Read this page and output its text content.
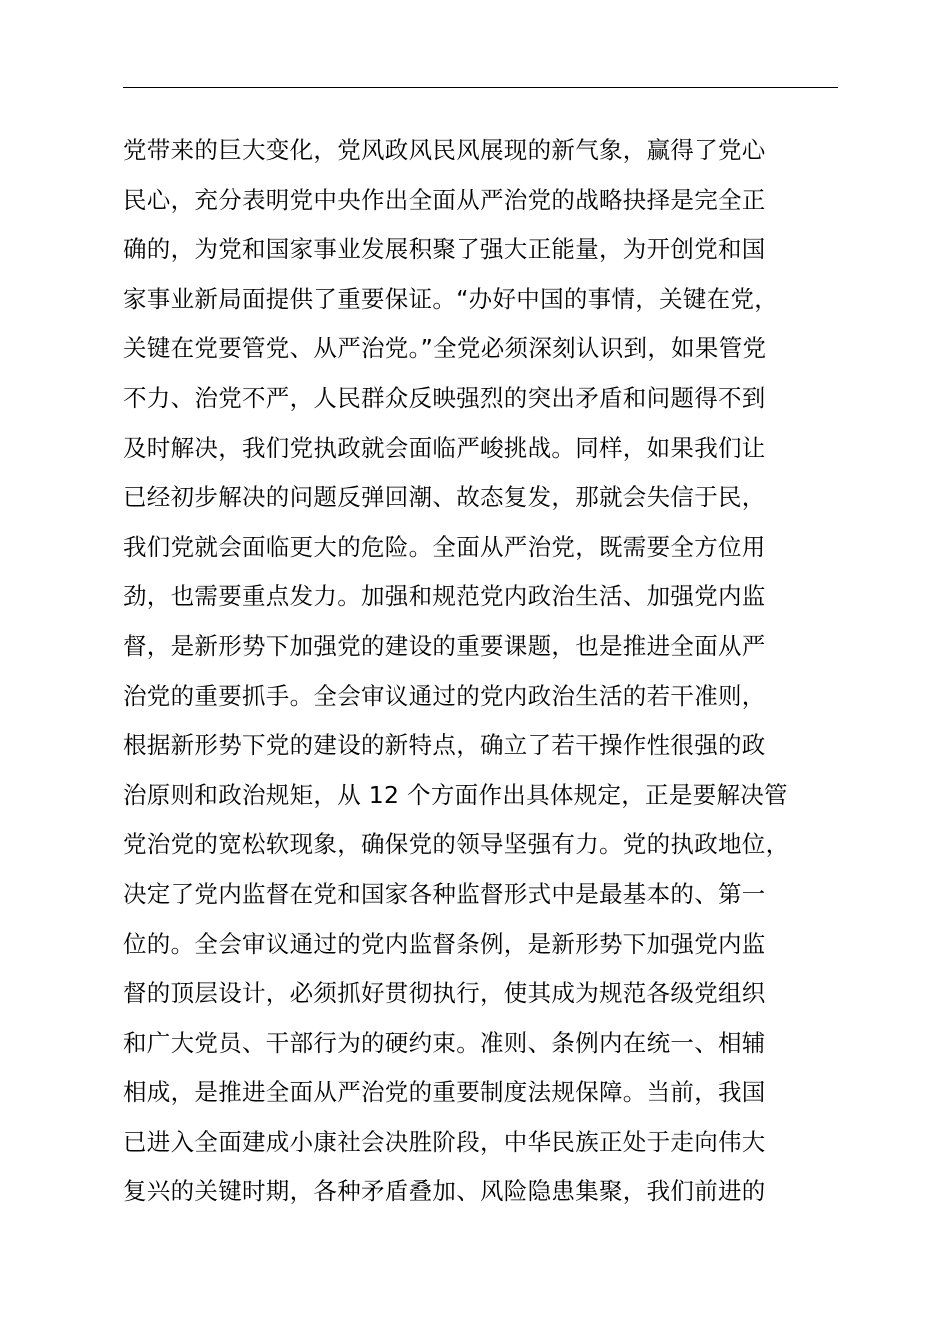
党带来的巨大变化，党风政风民风展现的新气象，赢得了党心
民心，充分表明党中央作出全面从严治党的战略抉择是完全正
确的，为党和国家事业发展积聚了强大正能量，为开创党和国
家事业新局面提供了重要保证。“办好中国的事情，关键在党，
关键在党要管党、从严治党。”全党必须深刻认识到，如果管党
不力、治党不严，人民群众反映强烈的突出矛盾和问题得不到
及时解决，我们党执政就会面临严峻挑战。同样，如果我们让
已经初步解决的问题反弹回潮、故态复发，那就会失信于民，
我们党就会面临更大的危险。全面从严治党，既需要全方位用
劲，也需要重点发力。加强和规范党内政治生活、加强党内监
督，是新形势下加强党的建设的重要课题，也是推进全面从严
治党的重要抓手。全会审议通过的党内政治生活的若干准则，
根据新形势下党的建设的新特点，确立了若干操作性很强的政
治原则和政治规矩，从 12 个方面作出具体规定，正是要解决管
党治党的宽松软现象，确保党的领导坚强有力。党的执政地位，
决定了党内监督在党和国家各种监督形式中是最基本的、第一
位的。全会审议通过的党内监督条例，是新形势下加强党内监
督的顶层设计，必须抓好贯彻执行，使其成为规范各级党组织
和广大党员、干部行为的硬约束。准则、条例内在统一、相辅
相成，是推进全面从严治党的重要制度法规保障。当前，我国
已进入全面建成小康社会决胜阶段，中华民族正处于走向伟大
复兴的关键时期，各种矛盾叠加、风险隐患集聚，我们前进的
